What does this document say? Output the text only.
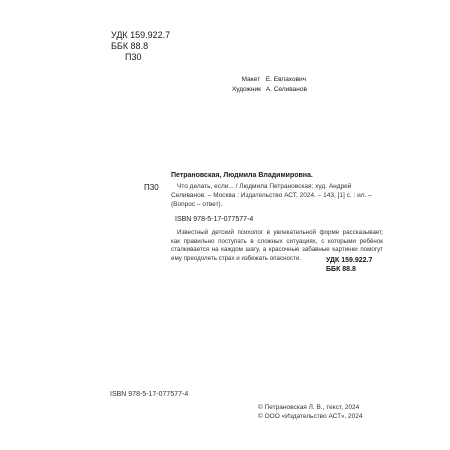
УДК 159.922.7
ББК 88.8
П30
Макет Е. Евлахович
Художник А. Селиванов
П30
Петрановская, Людмила Владимировна.
Что делать, если... / Людмила Петрановская; худ. Андрей Селиванов. – Москва : Издательство АСТ, 2024. – 143, [1] с. : ил. – (Вопрос – ответ).
ISBN 978-5-17-077577-4
Известный детский психолог в увлекательной форме рассказывает, как правильно поступать в сложных ситуациях, с которыми ребёнок сталкивается на каждом шагу, а красочные забавные картинки помогут ему преодолеть страх и избежать опасности.	УДК 159.922.7
ББК 88.8
ISBN 978-5-17-077577-4
© Петрановская Л. В., текст, 2024
© ООО «Издательство АСТ», 2024
